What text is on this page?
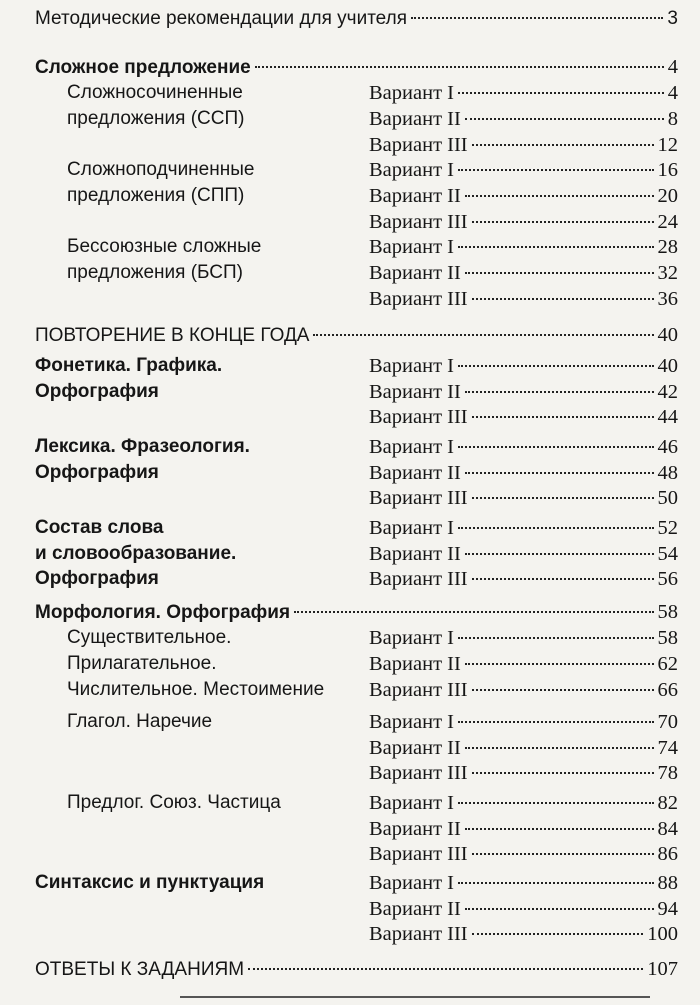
Методические рекомендации для учителя	3
Сложное предложение	4
Сложносочиненные
предложения (ССП)
Вариант I	4
Вариант II	8
Вариант III	12
Сложноподчиненные
предложения (СПП)
Вариант I	16
Вариант II	20
Вариант III	24
Бессоюзные сложные
предложения (БСП)
Вариант I	28
Вариант II	32
Вариант III	36
ПОВТОРЕНИЕ В КОНЦЕ ГОДА	40
Фонетика. Графика.
Орфография
Вариант I	40
Вариант II	42
Вариант III	44
Лексика. Фразеология.
Орфография
Вариант I	46
Вариант II	48
Вариант III	50
Состав слова
и словообразование.
Орфография
Вариант I	52
Вариант II	54
Вариант III	56
Морфология. Орфография	58
Существительное.
Прилагательное.
Числительное. Местоимение
Вариант I	58
Вариант II	62
Вариант III	66
Глагол. Наречие	Вариант I	70
Вариант II	74
Вариант III	78
Предлог. Союз. Частица	Вариант I	82
Вариант II	84
Вариант III	86
Синтаксис и пунктуация	Вариант I	88
Вариант II	94
Вариант III	100
ОТВЕТЫ К ЗАДАНИЯМ	107
